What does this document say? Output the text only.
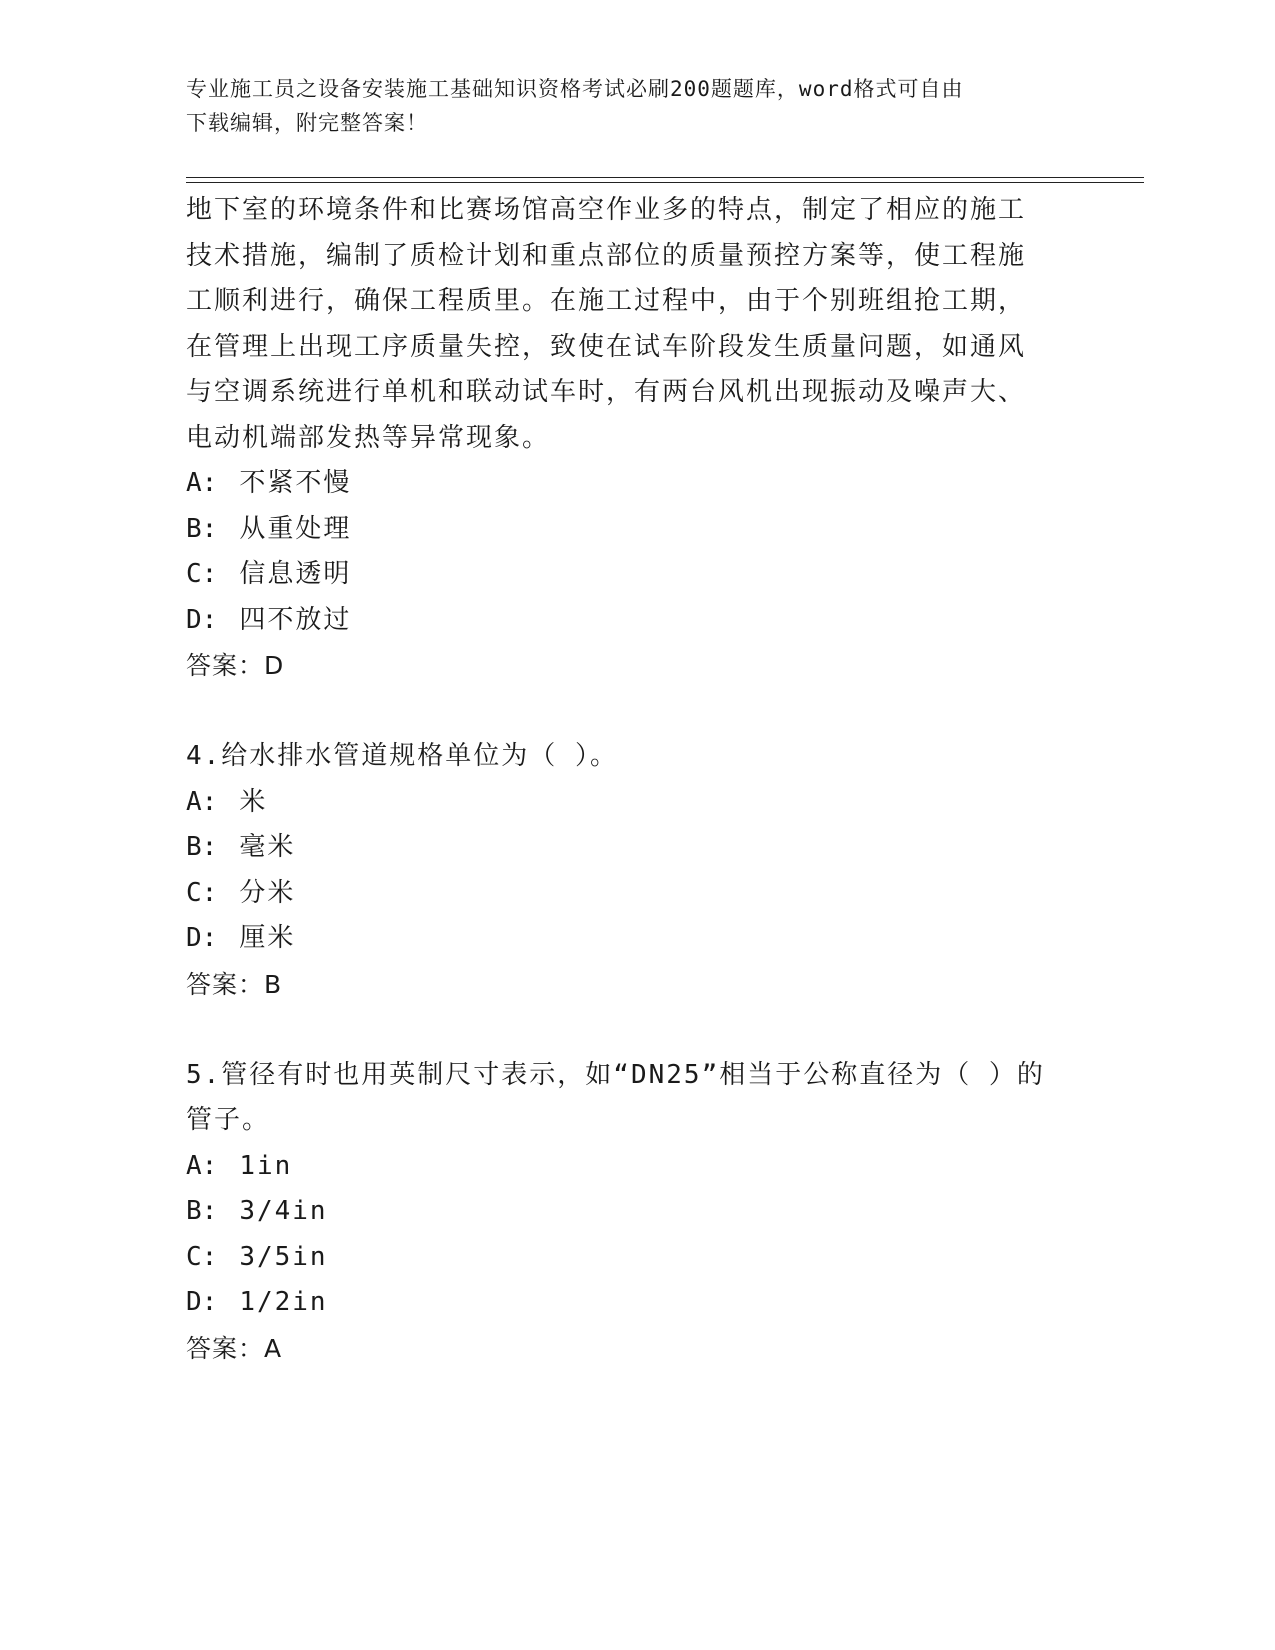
专业施工员之设备安装施工基础知识资格考试必刷200题题库，word格式可自由
下载编辑，附完整答案！
地下室的环境条件和比赛场馆高空作业多的特点，制定了相应的施工
技术措施，编制了质检计划和重点部位的质量预控方案等，使工程施
工顺利进行，确保工程质里。在施工过程中，由于个别班组抢工期，
在管理上出现工序质量失控，致使在试车阶段发生质量问题，如通风
与空调系统进行单机和联动试车时，有两台风机出现振动及噪声大、
电动机端部发热等异常现象。
A: 不紧不慢
B: 从重处理
C: 信息透明
D: 四不放过
答案：D
4.给水排水管道规格单位为（ ）。
A: 米
B: 毫米
C: 分米
D: 厘米
答案：B
5.管径有时也用英制尺寸表示，如“DN25”相当于公称直径为（ ）的
管子。
A: 1in
B: 3/4in
C: 3/5in
D: 1/2in
答案：A
